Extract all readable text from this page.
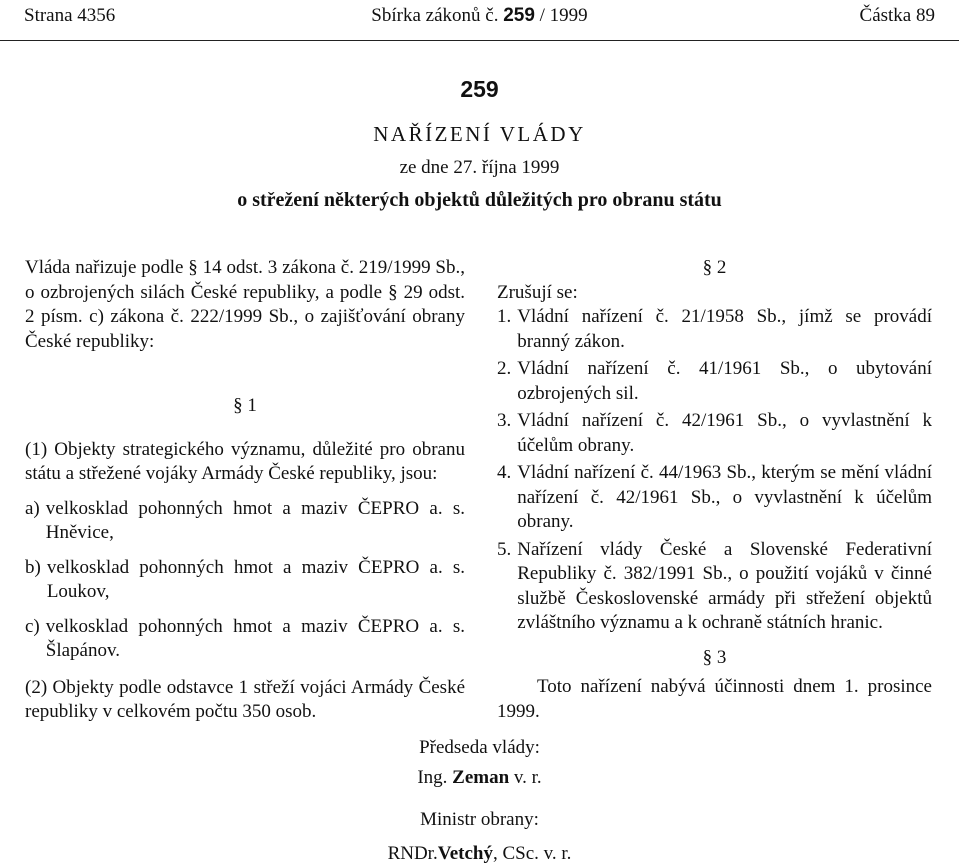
Strana 4356	Sbírka zákonů č. 259 / 1999	Částka 89
259
NAŘÍZENÍ VLÁDY
ze dne 27. října 1999
o střežení některých objektů důležitých pro obranu státu

Vláda nařizuje podle § 14 odst. 3 zákona č. 219/1999 Sb., o ozbrojených silách České republiky, a podle § 29 odst. 2 písm. c) zákona č. 222/1999 Sb., o zajišťování obrany České republiky:

§ 1

(1) Objekty strategického významu, důležité pro obranu státu a střežené vojáky Armády České republiky, jsou:

a) velkosklad pohonných hmot a maziv ČEPRO a. s. Hněvice,
b) velkosklad pohonných hmot a maziv ČEPRO a. s. Loukov,
c) velkosklad pohonných hmot a maziv ČEPRO a. s. Šlapánov.

(2) Objekty podle odstavce 1 střeží vojáci Armády České republiky v celkovém počtu 350 osob.

§ 2

Zrušují se:

1. Vládní nařízení č. 21/1958 Sb., jímž se provádí branný zákon.
2. Vládní nařízení č. 41/1961 Sb., o ubytování ozbrojených sil.
3. Vládní nařízení č. 42/1961 Sb., o vyvlastnění k účelům obrany.
4. Vládní nařízení č. 44/1963 Sb., kterým se mění vládní nařízení č. 42/1961 Sb., o vyvlastnění k účelům obrany.
5. Nařízení vlády České a Slovenské Federativní Republiky č. 382/1991 Sb., o použití vojáků v činné službě Československé armády při střežení objektů zvláštního významu a k ochraně státních hranic.

§ 3

Toto nařízení nabývá účinnosti dnem 1. prosince 1999.

Předseda vlády:
Ing. Zeman v. r.
Ministr obrany:
RNDr.Vetchý, CSc. v. r.
